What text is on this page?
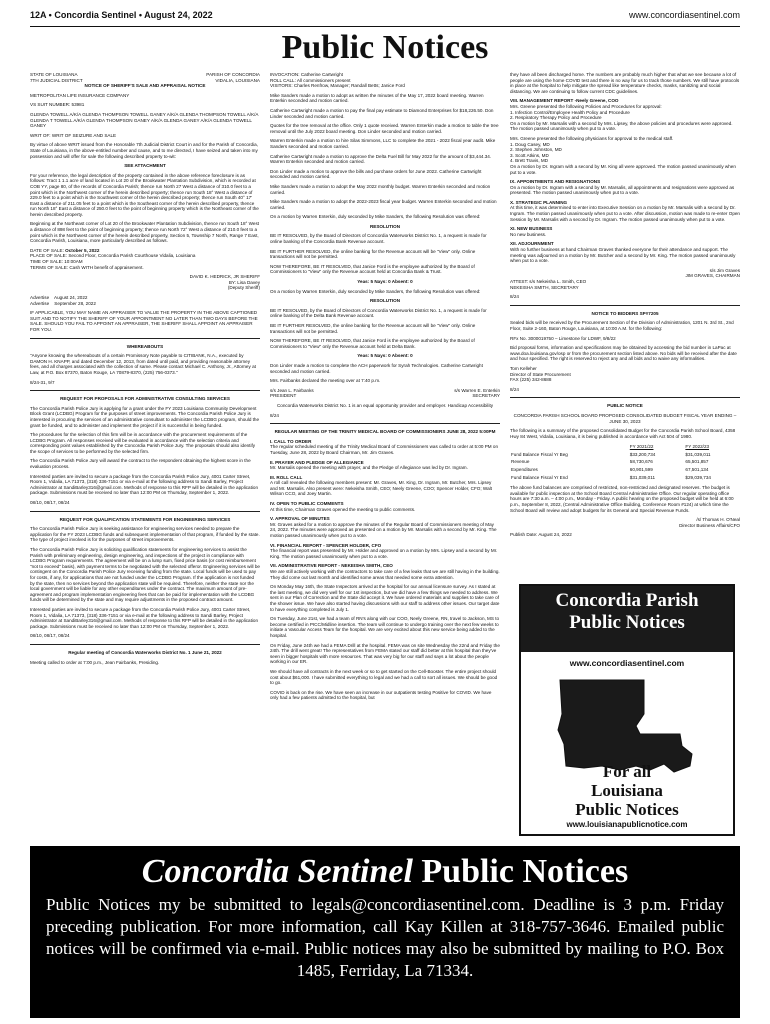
12A • Concordia Sentinel • August 24, 2022	www.concordiasentinel.com
Public Notices
STATE OF LOUISIANA	PARISH OF CONCORDIA
7TH JUDICIAL DISTRICT	VIDALIA, LOUISIANA

NOTICE OF SHERIFF'S SALE AND APPRAISAL NOTICE

METROPOLITAN LIFE INSURANCE COMPANY

VS SUIT NUMBER: 53981

GLENDA TOWELL A/K/A GLENDA THOMPSON TOWELL GANEY A/K/A GLENDA THOMPSON TOWELL A/K/A GLENDA T TOWELL A/K/A GLENDA THOMPSON GANEY A/K/A GLENDA GANEY A/K/A GLENDA TOWELL GANEY

WRIT OF: WRIT OF SEIZURE AND SALE

By virtue of above WRIT issued from the Honorable 7th Judicial District Court in and for the Parish of Concordia, State of Louisiana, in the above-entitled number and cause, and to me directed, I have seized and taken into my possession and will offer for sale the following described property to-wit:

SEE ATTACHMENT

For your reference, the legal description of the property contained in the above reference foreclosure is as follows: Tract 1 1.1 acre of land located in Lot 20 of the Brookwater Plantation Subdivision, which is recorded at COB YY, page 80, of the records of Concordia Parish; thence run North 27 West a distance of 310.0 feet to a point which is the Northwest corner of the herein described property; thence run South 18° West a distance of 229.0 feet to a point which is the Southwest corner of the herein described property; thence run South 40° 17' East a distance of 211.05 feet to a point which is the Southeast corner of the herein described property, thence run North 18° East a distance of 250.0 feet to the point of beginning property which is the Northeast corner of the herein described property.

Beginning at the Northeast corner of Lot 20 of the Brookwater Plantation Subdivision, thence run South 18° West a distance of 898 feet to the point of beginning property; thence run North 72° West a distance of 210.0 feet to a point which is the Northwest corner of the herein described property, Section 5, Township 7 North, Range 7 East, Concordia Parish, Louisiana, more particularly described as follows.

DATE OF SALE: October 5, 2022
PLACE OF SALE: Second Floor, Concordia Parish Courthouse Vidalia, Louisiana
TIME OF SALE: 10:00AM

TERMS OF SALE: Cash WITH benefit of appraisement.

DAVID K. HEDRICK, JR SHERIFF
BY: Lisa Davey

(Deputy Sheriff)

Advertise August 24, 2022

Advertise September 28, 2022

IF APPLICABLE, YOU MAY NAME AN APPRAISER TO VALUE THE PROPERTY IN THE ABOVE CAPTIONED SUIT AND TO NOTIFY THE SHERIFF OF YOUR APPOINTMENT NO LATER THAN TWO DAYS BEFORE THE SALE. SHOULD YOU FAIL TO APPOINT AN APPRAISER, THE SHERIFF SHALL APPOINT AN APPRAISER FOR YOU.

WHEREABOUTS

"Anyone knowing the whereabouts of a certain Promissory Note payable to CITIBANK, N.A., executed by DAMON H. KNAPP, and dated December 12, 2013, from dated until paid, and providing reasonable attorney fees, and all charges associated with the collection of same. Please contact Michael C. Anthony, Jr., Attorney at Law, at P.O. Box 87370, Baton Rouge, LA 70879-8370, (225) 756-0373."

8/24-31, 9/7

REQUEST FOR PROPOSALS FOR ADMINISTRATIVE CONSULTING SERVICES

The Concordia Parish Police Jury is applying for a grant under the FY 2023 Louisiana Community Development Block Grant (LCDBG) Program for the purposes of street improvements. The Concordia Parish Police Jury is interested in procuring the services of an administrative consultant to administer the LCDBG program, should the grant be funded, and to administer and implement the project if it is successful in being funded.

The procedures for the selection of this firm will be in accordance with the procurement requirements of the LCDBG Program. All responses received will be evaluated in accordance with the selection criteria and corresponding point values established by the Concordia Parish Police Jury. The proposals should also identify the scope of services to be performed by the selected firm.

The Concordia Parish Police Jury will award the contract to the respondent obtaining the highest score in the evaluation process.

Interested parties are invited to secure a package from the Concordia Parish Police Jury, 4001 Carter Street, Room 1, Vidalia, LA 71373, (318) 336-7151 or via e-mail at the following address to Sandi Barley, Project Administrator at SandiBarley316@gmail.com. Methods of response to this RFP will be detailed in the application package. Submissions must be received no later than 12:00 PM on Thursday, September 1, 2022.

08/10, 08/17, 08/24

REQUEST FOR QUALIFICATION STATEMENTS FOR ENGINEERING SERVICES

The Concordia Parish Police Jury is seeking assistance for engineering services needed to prepare the application for the FY 2023 LCDBG funds and subsequent implementation of that program, if funded by the state. The type of project involved is for the purposes of street improvements.

The Concordia Parish Police Jury is soliciting qualification statements for engineering services to assist the Parish with preliminary engineering, design engineering, and inspections of the project in compliance with LCDBG Program requirements. The agreement will be on a lump sum, fixed price basis (or cost reimbursement "not to exceed" basis), with payment terms to be negotiated with the selected offeror. Engineering services will be contingent on the Concordia Parish Police Jury receiving funding from the state. Local funds will be used to pay for costs, if any, for applications that are not funded under the LCDBG Program. If the application is not funded by the state, then no services beyond the application state will be required. Therefore, neither the state nor the local government will be liable for any other expenditures under the contract. The maximum amount of pre-agreement and program implementation engineering fees that can be paid for implementation with the LCDBG funds will be determined by the state and may require adjustments in the proposed contract amount.

Interested parties are invited to secure a package from the Concordia Parish Police Jury, 4001 Carter Street, Room 1, Vidalia, LA 71373, (318) 336-7151 or via e-mail at the following address to Sandi Barley, Project Administrator at SandiBarley316@gmail.com. Methods of response to this RFP will be detailed in the application package. Submissions must be received no later than 12:00 PM on Thursday, September 1, 2022.

08/10, 08/17, 08/24

Regular meeting of Concordia Waterworks District No. 1 June 21, 2022

Meeting called to order at 7:00 p.m., Jean Fairbanks, Presiding.

INVOCATION: Catherine Cartwright
ROLL CALL: All commissioners present

VISITORS: Charles Renfrow, Manager; Randall Betts; Janice Ford

Mike Sanders made a motion to adopt as written the minutes of the May 17, 2022 board meeting. Warren Enterkin seconded and motion carried.

Catherine Cartwright made a motion to pay the final pay estimate to Diamond Enterprises for $18,226.50. Don Linder seconded and motion carried.

Quotes for the tree removal at the office. Only 1 quote received. Warren Enterkin made a motion to table the tree removal until the July 2022 board meeting. Don Linder seconded and motion carried.

Warren Enterkin made a motion to hire Silas Simmons, LLC to complete the 2021 - 2022 fiscal year audit. Mike Sanders seconded and motion carried.

Catherine Cartwright made a motion to approve the Delta Fuel Bill for May 2022 for the amount of $3,444.34. Warren Enterkin seconded and motion carried.

Don Linder made a motion to approve the bills and purchase orders for June 2022. Catherine Cartwright seconded and motion carried.

Mike Sanders made a motion to adopt the May 2022 monthly budget. Warren Enterkin seconded and motion carried.

Mike Sanders made a motion to adopt the 2022-2023 fiscal year budget. Warren Enterkin seconded and motion carried.

On a motion by Warren Enterkin, duly seconded by Mike Sanders, the following Resolution was offered:

RESOLUTION

BE IT RESOLVED, by the Board of Directors of Concordia Waterworks District No. 1, a request is made for online banking of the Concordia Bank Revenue account.

BE IT FURTHER RESOLVED, the online banking for the Revenue account will be "View" only. Online transactions will not be permitted.

NOW THEREFORE, BE IT RESOLVED, that Janice Ford is the employee authorized by the Board of Commissioners to "View" only the Revenue account held at Concordia Bank & Trust.

Yeas: 5 Nays: 0 Absent: 0

On a motion by Warren Enterkin, duly seconded by Mike Sanders, the following Resolution was offered:

RESOLUTION

BE IT RESOLVED, by the Board of Directors of Concordia Waterworks District No. 1, a request is made for online banking of the Delta Bank Revenue account.

BE IT FURTHER RESOLVED, the online banking for the Revenue account will be "View" only. Online transactions will not be permitted.

NOW THEREFORE, BE IT RESOLVED, that Janice Ford is the employee authorized by the Board of Commissioners to "View" only the Revenue account held at Delta Bank.

Yeas: 5 Nays: 0 Absent: 0

Don Linder made a motion to complete the ACH paperwork for Syrah Technologies. Catherine Cartwright seconded and motion carried.

Mrs. Fairbanks declared the meeting over at 7:40 p.m.

s/s Jean L. Fairbanks	s/s Warren E. Enterkin

PRESIDENT	SECRETARY

Concordia Waterworks District No. 1 is an equal opportunity provider and employer. Handicap Accessibility

8/24

REGULAR MEETING OF THE TRINITY MEDICAL BOARD OF COMMISSIONERS JUNE 28, 2022 5:00PM

I. CALL TO ORDER

The regular scheduled meeting of the Trinity Medical Board of Commissioners was called to order at 5:00 PM on Tuesday, June 28, 2022 by Board Chairman, Mr. Jim Graves.

II. PRAYER AND PLEDGE OF ALLEGIANCE

Mr. Marsalis opened the meeting with prayer, and the Pledge of Allegiance was led by Dr. Ingram.

III. ROLL CALL

A roll call revealed the following members present: Mr. Graves, Mr. King, Dr. Ingram, Mr. Butcher, Mrs. Lipsey and Mr. Marsalis. Also present were: Nekeisha Smith, CEO; Neely Greene, COO; Spencer Holder, CFO; Walt Wilson CCO, and Joey Martin.

IV. OPEN TO PUBLIC COMMENTS

At this time, Chairman Graves opened the meeting to public comments.

V. APPROVAL OF MINUTES

Mr. Graves asked for a motion to approve the minutes of the Regular Board of Commissioners meeting of May 24, 2022. The minutes were approved as presented on a motion by Mr. Marsalis with a second by Mr. King. The motion passed unanimously when put to a vote.

VI. FINANCIAL REPORT - SPENCER HOLDER, CFO

The financial report was presented by Mr. Holder and approved on a motion by Mrs. Lipsey and a second by Mr. King. The motion passed unanimously when put to a vote.

VII. ADMINISTRATIVE REPORT - NEKEISHA SMITH, CEO

We are still actively working with the contractors to take care of a few leaks that we are still having in the building. They did come out last month and identified some areas that needed some extra attention.

On Monday May 16th, the State Inspectors arrived at the hospital for our annual licensure survey. As I stated at the last meeting, we did very well for our 1st inspection, but we did have a few things we needed to address. We sent in our Plan of Correction and the State did accept it. We have ordered materials and supplies to take care of the shower issue. We have also started having discussions with our staff to address other issues. Our target date to have everything completed is July 1.

On Tuesday, June 21st, we had a team of RN's along with our COO, Neely Greene, RN, travel to Jackson, MS to become certified in PICC/Midline insertion. The team will continue to undergo training over the next few weeks to initiate a Vascular Access Team for the hospital. We are very excited about this new service being added to the hospital.

On Friday, June 24th we had a FEMA Drill at the hospital. FEMA was on site Wednesday the 22nd and Friday the 24th. The drill went great! The representatives from FEMA stated our staff did better at this hospital than they've seen in bigger hospitals with more resources. That was very big for our staff and says a lot about the people working in our ER.

We should have all contracts in the next week or so to get started on the Cell-Booster. The entire project should cost about $61,000. I have submitted everything to legal and we had a call to sort all issues. We should be good to go.

COVID is back on the rise. We have seen an increase in our outpatients testing Positive for COVID. We have only had a few patients admitted to the hospital, but

they have all been discharged home. The numbers are probably much higher that what we see because a lot of people are using the home COVID test and there is no way for us to track those numbers. We still have protocols in place at the hospital to help mitigate the spread like temperature checks, masks, sanitizing and social distancing. We are continuing to follow current CDC guidelines.

VIII. MANAGEMENT REPORT -Neely Greene, COO
Mrs. Greene presented the following Policies and Procedures for approval:
1. Infection Control/Employee Health Policy and Procedure
2. Respiratory Therapy Policy and Procedure

On a motion by Mr. Marsalis with a second by Mrs. Lipsey, the above policies and procedures were approved. The motion passed unanimously when put to a vote.

Mrs. Greene presented the following physicians for approval to the medical staff.
1. Doug Casey, MD
2. Stephen Johnston, MD
3. Scott Atkins, MD
4. Brett Travis, MD

On a motion by Dr. Ingram with a second by Mr. King all were approved. The motion passed unanimously when put to a vote.

IX. APPOINTMENTS AND RESIGNATIONS

On a motion by Dr. Ingram with a second by Mr. Marsalis, all appointments and resignations were approved as presented. The motion passed unanimously when put to a vote.

X. STRATEGIC PLANNING

At this time, it was determined to enter into Executive Session on a motion by Mr. Marsalis with a second by Dr. Ingram. The motion passed unanimously when put to a vote. After discussion, motion was made to re-enter Open Session by Mr. Marsalis with a second by Dr. Ingram. The motion passed unanimously when put to a vote.

XI. NEW BUSINESS

No new business.

XII. ADJOURNMENT

With no further business at hand Chairman Graves thanked everyone for their attendance and support. The meeting was adjourned on a motion by Mr. Butcher and a second by Mr. King. The motion passed unanimously when put to a vote.

s/s Jim Graves
JIM GRAVES, CHAIRMAN
ATTEST: s/s Nekeisha L. Smith, CEO

NEKEISHA SMITH, SECRETARY

8/24

NOTICE TO BIDDERS SP#7205

Sealed bids will be received by the Procurement Section of the Division of Administration, 1201 N. 3rd St., 2nd Floor, Suite 2-160, Baton Rouge, Louisiana, at 10:00 A.M. for the following:

RFx No. 3000019750 – Limestone for LDWF, 9/8/22

Bid proposal forms, information and specifications may be obtained by accessing the bid number in LaPac at www.doa.louisiana.gov/osp or from the procurement section listed above. No bids will be received after the date and hour specified. The right is reserved to reject any and all bids and to waive any informalities.

Tom Kelleher
Director of State Procurement

FAX (225) 342-8688

8/24

PUBLIC NOTICE

CONCORDIA PARISH SCHOOL BOARD PROPOSED CONSOLIDATED BUDGET FISCAL YEAR ENDING – JUNE 30, 2023

The following is a summary of the proposed Consolidated Budget for the Concordia Parish School Board, 4358 Hwy 84 West, Vidalia, Louisiana, it is being published in accordance with Act 504 of 1980.

	FY 2021/22	FY 2022/23
Fund Balance Fiscal Yr Beg	$33,200,734	$31,039,011
Revenue	58,730,676	65,501,857
Expenditures	60,901,599	67,501,134
Fund Balance Fiscal Yr End	$31,039,011	$29,039,734

The above fund balances are comprised of restricted, non-restricted and designated reserves. The budget is available for public inspection at the School Board Central Administrative Office. Our regular operating office hours are 7:30 a.m. – 4:00 p.m., Monday - Friday. A public hearing on the proposed budget will be held at 6:00 p.m., September 8, 2022, (Central Administrative Office Building, Conference Room #124) at which time the School Board will review and adopt budgets for its General and Special Revenue Funds.

/s/ Thomas H. O'Neal

Director Business Affairs/CFO

Publish Date: August 24, 2022

Concordia Parish
Public Notices
www.concordiasentinel.com
For all
Louisiana
Public Notices
www.louisianapublicnotice.com
Concordia Sentinel Public Notices
Public Notices my be submitted to legals@concordiasentinel.com. Deadline is 3 p.m. Friday preceding publication. For more information, call Kay Killen at 318-757-3646. Emailed public notices will be confirmed via e-mail. Public notices may also be submitted by mailing to P.O. Box 1485, Ferriday, La 71334.
